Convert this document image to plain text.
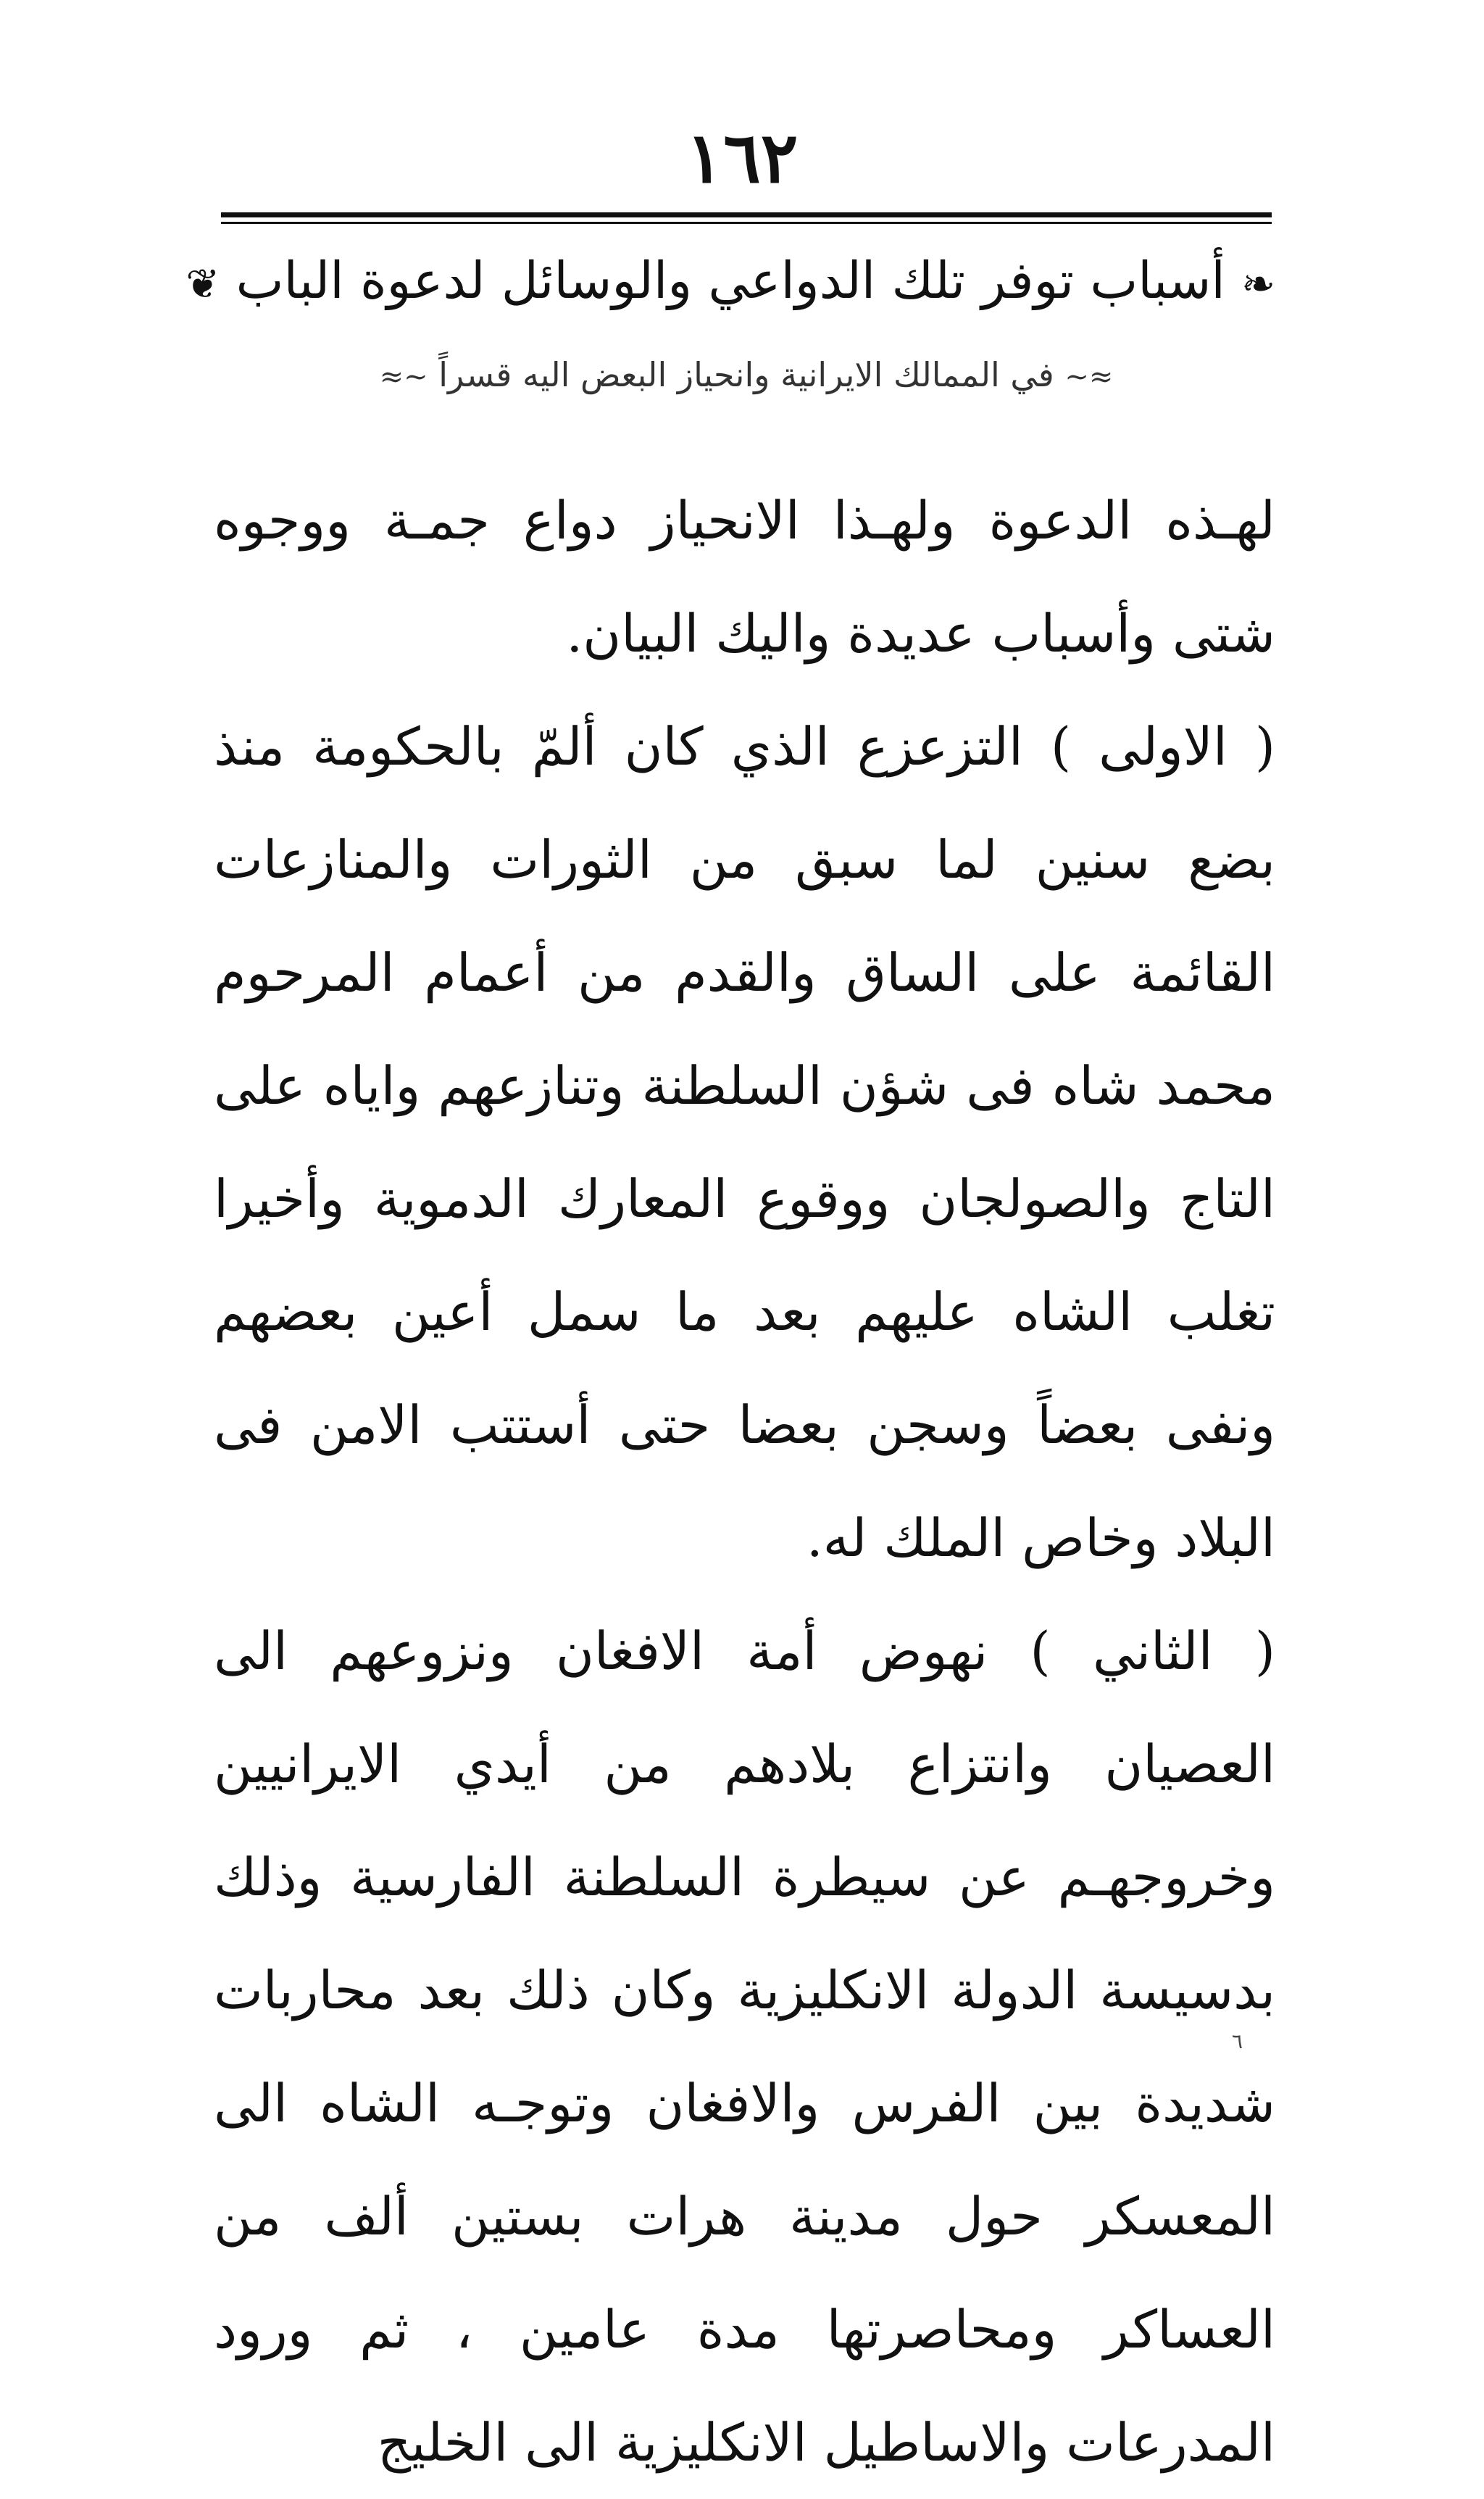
١٦٢
❧ أسباب توفر تلك الدواعي والوسائل لدعوة الباب ❦
≈~ في الممالك الايرانية وانحياز البعض اليه قسراً ~≈

لهـذه الدعوة ولهـذا الانحياز دواع جمـة ووجوه شتى وأسباب عديدة واليك البيان.

( الاولى ) التزعزع الذي كان ألمّ بالحكومة منذ بضع سنين لما سبق من الثورات والمنازعات القائمة على الساق والقدم من أعمام المرحوم محمد شاه فى شؤن السلطنة وتنازعهم واياه على التاج والصولجان ووقوع المعارك الدموية وأخيرا تغلب الشاه عليهم بعد ما سمل أعين بعضهم ونفى بعضاً وسجن بعضا حتى أستتب الامن فى البلاد وخاص الملك له.

( الثاني ) نهوض أمة الافغان ونزوعهم الى العصيان وانتزاع بلادهم من أيدي الايرانيين وخروجهـم عن سيطرة السلطنة الفارسية وذلك بدسيسة الدولة الانكليزية وكان ذلك بعد محاربات شديدة بين الفرس والافغان وتوجـه الشاه الى المعسكر حول مدينة هرات بستين ألف من العساكر ومحاصرتها مدة عامين ، ثم ورود المدرعات والاساطيل الانكليزية الى الخليج

٦
